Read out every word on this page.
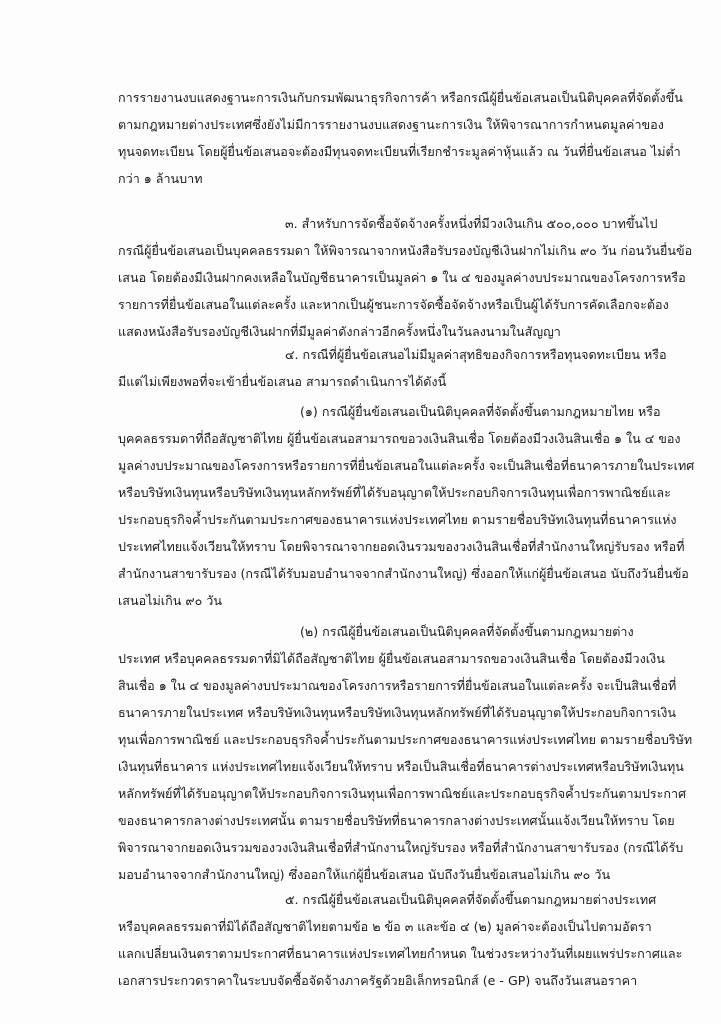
การรายงานงบแสดงฐานะการเงินกับกรมพัฒนาธุรกิจการค้า หรือกรณีผู้ยื่นข้อเสนอเป็นนิติบุคคลที่จัดตั้งขึ้น
ตามกฎหมายต่างประเทศซึ่งยังไม่มีการรายงานงบแสดงฐานะการเงิน ให้พิจารณาการกำหนดมูลค่าของ
ทุนจดทะเบียน โดยผู้ยื่นข้อเสนอจะต้องมีทุนจดทะเบียนที่เรียกชำระมูลค่าหุ้นแล้ว ณ วันที่ยื่นข้อเสนอ ไม่ต่ำ
กว่า ๑ ล้านบาท
๓. สำหรับการจัดซื้อจัดจ้างครั้งหนึ่งที่มีวงเงินเกิน ๕๐๐,๐๐๐ บาทขึ้นไป
กรณีผู้ยื่นข้อเสนอเป็นบุคคลธรรมดา ให้พิจารณาจากหนังสือรับรองบัญชีเงินฝากไม่เกิน ๙๐ วัน ก่อนวันยื่นข้อ
เสนอ โดยต้องมีเงินฝากคงเหลือในบัญชีธนาคารเป็นมูลค่า ๑ ใน ๔ ของมูลค่างบประมาณของโครงการหรือ
รายการที่ยื่นข้อเสนอในแต่ละครั้ง และหากเป็นผู้ชนะการจัดซื้อจัดจ้างหรือเป็นผู้ได้รับการคัดเลือกจะต้อง
แสดงหนังสือรับรองบัญชีเงินฝากที่มีมูลค่าดังกล่าวอีกครั้งหนึ่งในวันลงนามในสัญญา
๔. กรณีที่ผู้ยื่นข้อเสนอไม่มีมูลค่าสุทธิของกิจการหรือทุนจดทะเบียน หรือ
มีแต่ไม่เพียงพอที่จะเข้ายื่นข้อเสนอ สามารถดำเนินการได้ดังนี้
(๑) กรณีผู้ยื่นข้อเสนอเป็นนิติบุคคลที่จัดตั้งขึ้นตามกฎหมายไทย หรือ
บุคคลธรรมดาที่ถือสัญชาติไทย ผู้ยื่นข้อเสนอสามารถขอวงเงินสินเชื่อ โดยต้องมีวงเงินสินเชื่อ ๑ ใน ๔ ของ
มูลค่างบประมาณของโครงการหรือรายการที่ยื่นข้อเสนอในแต่ละครั้ง จะเป็นสินเชื่อที่ธนาคารภายในประเทศ
หรือบริษัทเงินทุนหรือบริษัทเงินทุนหลักทรัพย์ที่ได้รับอนุญาตให้ประกอบกิจการเงินทุนเพื่อการพาณิชย์และ
ประกอบธุรกิจค้ำประกันตามประกาศของธนาคารแห่งประเทศไทย ตามรายชื่อบริษัทเงินทุนที่ธนาคารแห่ง
ประเทศไทยแจ้งเวียนให้ทราบ โดยพิจารณาจากยอดเงินรวมของวงเงินสินเชื่อที่สำนักงานใหญ่รับรอง หรือที่
สำนักงานสาขารับรอง (กรณีได้รับมอบอำนาจจากสำนักงานใหญ่) ซึ่งออกให้แก่ผู้ยื่นข้อเสนอ นับถึงวันยื่นข้อ
เสนอไม่เกิน ๙๐ วัน
(๒) กรณีผู้ยื่นข้อเสนอเป็นนิติบุคคลที่จัดตั้งขึ้นตามกฎหมายต่าง
ประเทศ หรือบุคคลธรรมดาที่มิได้ถือสัญชาติไทย ผู้ยื่นข้อเสนอสามารถขอวงเงินสินเชื่อ โดยต้องมีวงเงิน
สินเชื่อ ๑ ใน ๔ ของมูลค่างบประมาณของโครงการหรือรายการที่ยื่นข้อเสนอในแต่ละครั้ง จะเป็นสินเชื่อที่
ธนาคารภายในประเทศ หรือบริษัทเงินทุนหรือบริษัทเงินทุนหลักทรัพย์ที่ได้รับอนุญาตให้ประกอบกิจการเงิน
ทุนเพื่อการพาณิชย์ และประกอบธุรกิจค้ำประกันตามประกาศของธนาคารแห่งประเทศไทย ตามรายชื่อบริษัท
เงินทุนที่ธนาคาร แห่งประเทศไทยแจ้งเวียนให้ทราบ หรือเป็นสินเชื่อที่ธนาคารต่างประเทศหรือบริษัทเงินทุน
หลักทรัพย์ที่ได้รับอนุญาตให้ประกอบกิจการเงินทุนเพื่อการพาณิชย์และประกอบธุรกิจค้ำประกันตามประกาศ
ของธนาคารกลางต่างประเทศนั้น ตามรายชื่อบริษัทที่ธนาคารกลางต่างประเทศนั้นแจ้งเวียนให้ทราบ โดย
พิจารณาจากยอดเงินรวมของวงเงินสินเชื่อที่สำนักงานใหญ่รับรอง หรือที่สำนักงานสาขารับรอง (กรณีได้รับ
มอบอำนาจจากสำนักงานใหญ่) ซึ่งออกให้แก่ผู้ยื่นข้อเสนอ นับถึงวันยื่นข้อเสนอไม่เกิน ๙๐ วัน
๕. กรณีผู้ยื่นข้อเสนอเป็นนิติบุคคลที่จัดตั้งขึ้นตามกฎหมายต่างประเทศ
หรือบุคคลธรรมดาที่มิได้ถือสัญชาติไทยตามข้อ ๒ ข้อ ๓ และข้อ ๔ (๒) มูลค่าจะต้องเป็นไปตามอัตรา
แลกเปลี่ยนเงินตราตามประกาศที่ธนาคารแห่งประเทศไทยกำหนด ในช่วงระหว่างวันที่เผยแพร่ประกาศและ
เอกสารประกวดราคาในระบบจัดซื้อจัดจ้างภาครัฐด้วยอิเล็กทรอนิกส์ (e - GP) จนถึงวันเสนอราคา
